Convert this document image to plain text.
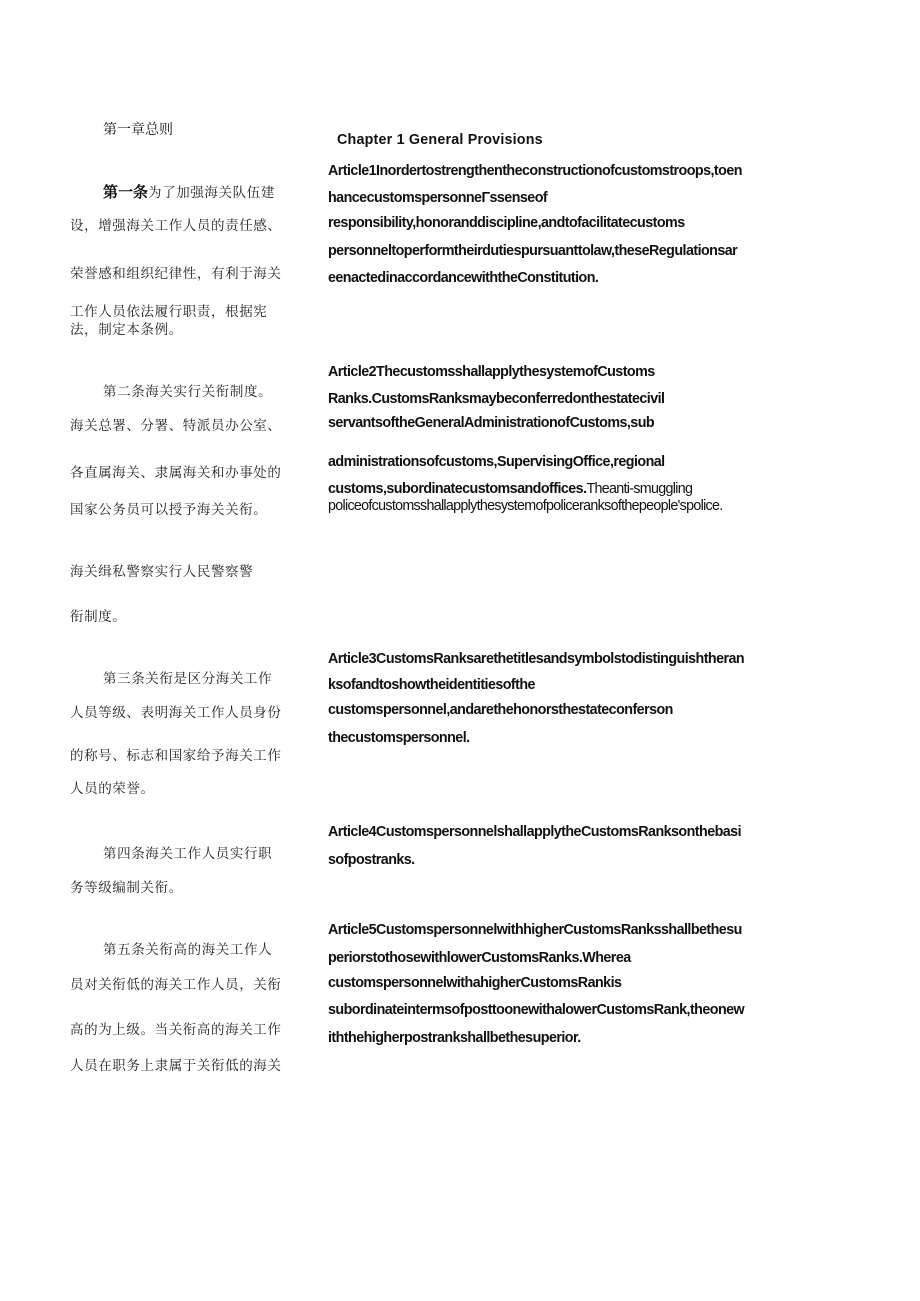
第一章总则
第一条为了加强海关队伍建
设，增强海关工作人员的责任感、
荣誉感和组织纪律性，有利于海关
工作人员依法履行职责，根据宪
法，制定本条例。
第二条海关实行关衔制度。
海关总署、分署、特派员办公室、
各直属海关、隶属海关和办事处的
国家公务员可以授予海关关衔。
海关缉私警察实行人民警察警
衔制度。
第三条关衔是区分海关工作
人员等级、表明海关工作人员身份
的称号、标志和国家给予海关工作
人员的荣誉。
第四条海关工作人员实行职
务等级编制关衔。
第五条关衔高的海关工作人
员对关衔低的海关工作人员，关衔
高的为上级。当关衔高的海关工作
人员在职务上隶属于关衔低的海关
Chapter 1 General Provisions
Article1Inordertostrengthentheconstructionofcustomstroops,toen
hancecustomspersonneΓssenseof
responsibility,honoranddiscipline,andtofacilitatecustoms
personneltoperformtheirdutiespursuanttolaw,theseRegulationsar
eenactedinaccordancewiththeConstitution.
Article2ThecustomsshallapplythesystemofCustoms
Ranks.CustomsRanksmaybeconferredonthestatecivil
servantsoftheGeneralAdministrationofCustoms,sub
administrationsofcustoms,SupervisingOffice,regional
customs,subordinatecustomsandoffices.Theanti-smuggling
policeofcustomsshallapplythesystemofpoliceranksofthepeople'spolice.
Article3CustomsRanksarethetitlesandsymbolstodistinguishtheran
ksofandtoshowtheidentitiesofthe
customspersonnel,andarethehonorsthestateconferson
thecustomspersonnel.
Article4CustomspersonnelshallapplytheCustomsRanksonthebasi
sofpostranks.
Article5CustomspersonnelwithhigherCustomsRanksshallbethesu
periorstothosewithlowerCustomsRanks.Wherea
customspersonnelwithahigherCustomsRankis
subordinateintermsofposttoonewithalowerCustomsRank,theonew
iththehigherpostrankshallbethesuperior.
